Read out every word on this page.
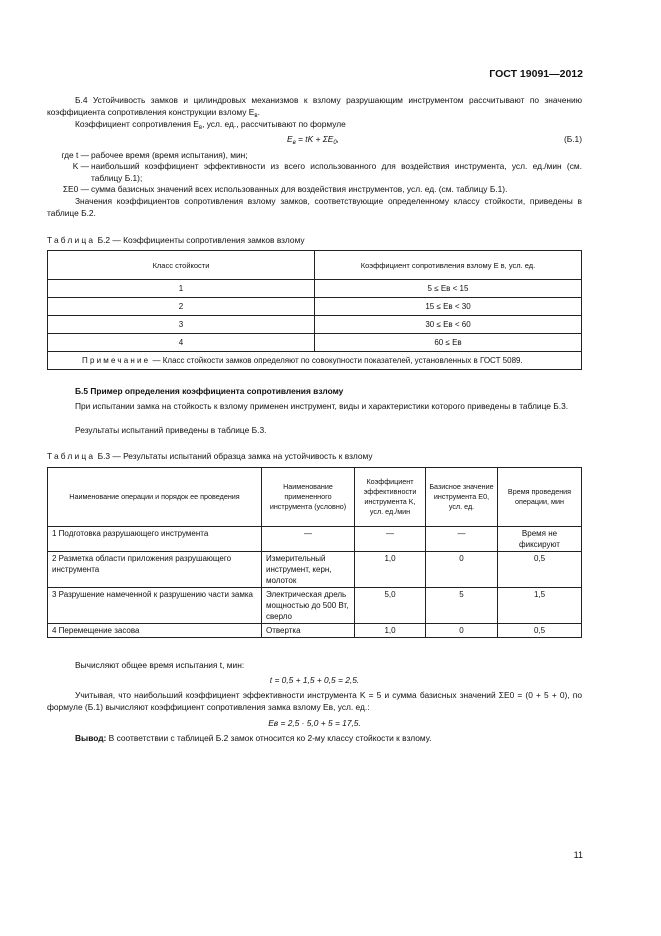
ГОСТ 19091—2012

Б.4 Устойчивость замков и цилиндровых механизмов к взлому разрушающим инструментом рассчитывают по значению коэффициента сопротивления конструкции взлому $E_в$.

Коэффициент сопротивления $E_в$, усл. ед., рассчитывают по формуле

$E_в$ = tK + $\Sigma E_0$,	(Б.1)
где t — рабочее время (время испытания), мин;
K — наибольший коэффициент эффективности из всего использованного для воздействия инструмента, усл. ед./мин (см. таблицу Б.1);
ΣE0 — сумма базисных значений всех использованных для воздействия инструментов, усл. ед. (см. таблицу Б.1).

Значения коэффициентов сопротивления взлому замков, соответствующие определенному классу стойкости, приведены в таблице Б.2.

Таблица Б.2 — Коэффициенты сопротивления замков взлому
Класс стойкости	Коэффициент сопротивления взлому E в, усл. ед.
1	5 ≤ Eв < 15
2	15 ≤ Eв < 30
3	30 ≤ Eв < 60
4	60 ≤ Eв
Примечание — Класс стойкости замков определяют по совокупности показателей, установленных в ГОСТ 5089.	
Б.5 Пример определения коэффициента сопротивления взлому

При испытании замка на стойкость к взлому применен инструмент, виды и характеристики которого приведены в таблице Б.3.

Результаты испытаний приведены в таблице Б.3.

Таблица Б.3 — Результаты испытаний образца замка на устойчивость к взлому
Наименование операции и порядок ее проведения	Наименование примененного инструмента (условно)	Коэффициент эффективности инструмента K, усл. ед./мин	Базисное значение инструмента E0, усл. ед.	Время проведения операции, мин
1 Подготовка разрушающего инструмента	—	—	—	Время не фиксируют
2 Разметка области приложения разрушающего инструмента	Измерительный инструмент, керн, молоток	1,0	0	0,5
3 Разрушение намеченной к разрушению части замка	Электрическая дрель мощностью до 500 Вт, сверло	5,0	5	1,5
4 Перемещение засова	Отвертка	1,0	0	0,5

Вычисляют общее время испытания t, мин:

t = 0,5 + 1,5 + 0,5 = 2,5.

Учитывая, что наибольший коэффициент эффективности инструмента K = 5 и сумма базисных значений ΣE0 = (0 + 5 + 0), по формуле (Б.1) вычисляют коэффициент сопротивления замка взлому Eв, усл. ед.:

Eв = 2,5 · 5,0 + 5 = 17,5.

Вывод: В соответствии с таблицей Б.2 замок относится ко 2-му классу стойкости к взлому.

11
